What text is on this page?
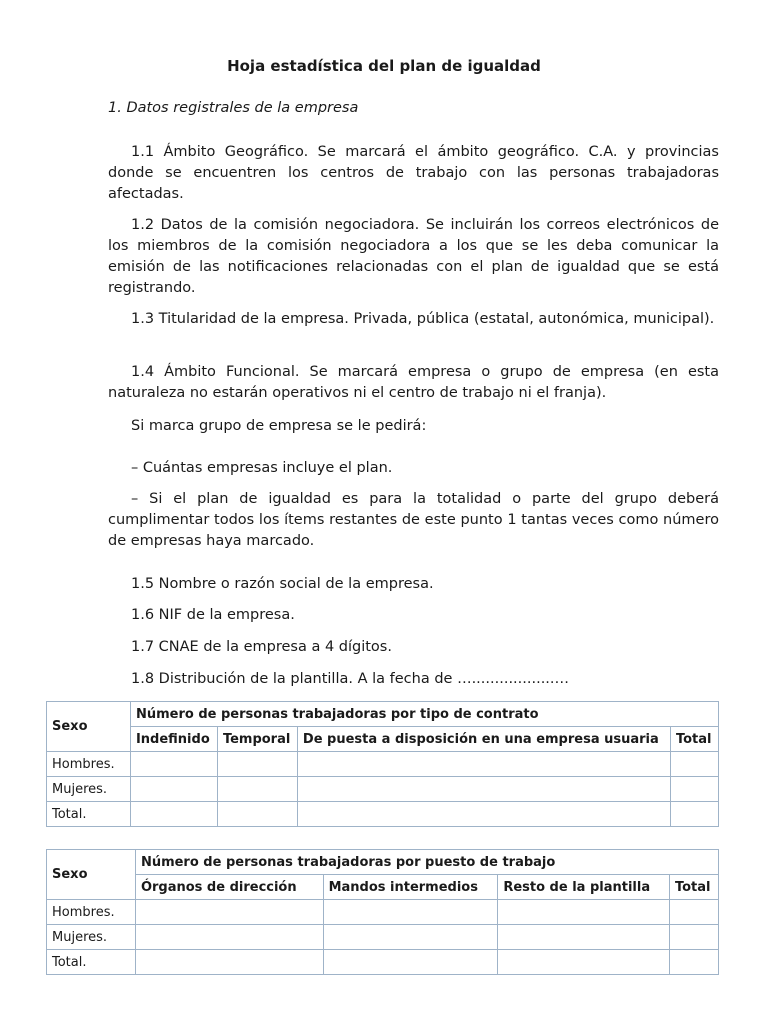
Hoja estadística del plan de igualdad
1. Datos registrales de la empresa
1.1 Ámbito Geográfico. Se marcará el ámbito geográfico. C.A. y provincias donde se encuentren los centros de trabajo con las personas trabajadoras afectadas.
1.2 Datos de la comisión negociadora. Se incluirán los correos electrónicos de los miembros de la comisión negociadora a los que se les deba comunicar la emisión de las notificaciones relacionadas con el plan de igualdad que se está registrando.
1.3 Titularidad de la empresa. Privada, pública (estatal, autonómica, municipal).
1.4 Ámbito Funcional. Se marcará empresa o grupo de empresa (en esta naturaleza no estarán operativos ni el centro de trabajo ni el franja).
Si marca grupo de empresa se le pedirá:
– Cuántas empresas incluye el plan.
– Si el plan de igualdad es para la totalidad o parte del grupo deberá cumplimentar todos los ítems restantes de este punto 1 tantas veces como número de empresas haya marcado.
1.5 Nombre o razón social de la empresa.
1.6 NIF de la empresa.
1.7 CNAE de la empresa a 4 dígitos.
1.8 Distribución de la plantilla. A la fecha de …..................…
Sexo	Número de personas trabajadoras por tipo de contrato			
	Indefinido	Temporal	De puesta a disposición en una empresa usuaria	Total
Hombres.				
Mujeres.				
Total.				
Sexo	Número de personas trabajadoras por puesto de trabajo			
	Órganos de dirección	Mandos intermedios	Resto de la plantilla	Total
Hombres.				
Mujeres.				
Total.				
